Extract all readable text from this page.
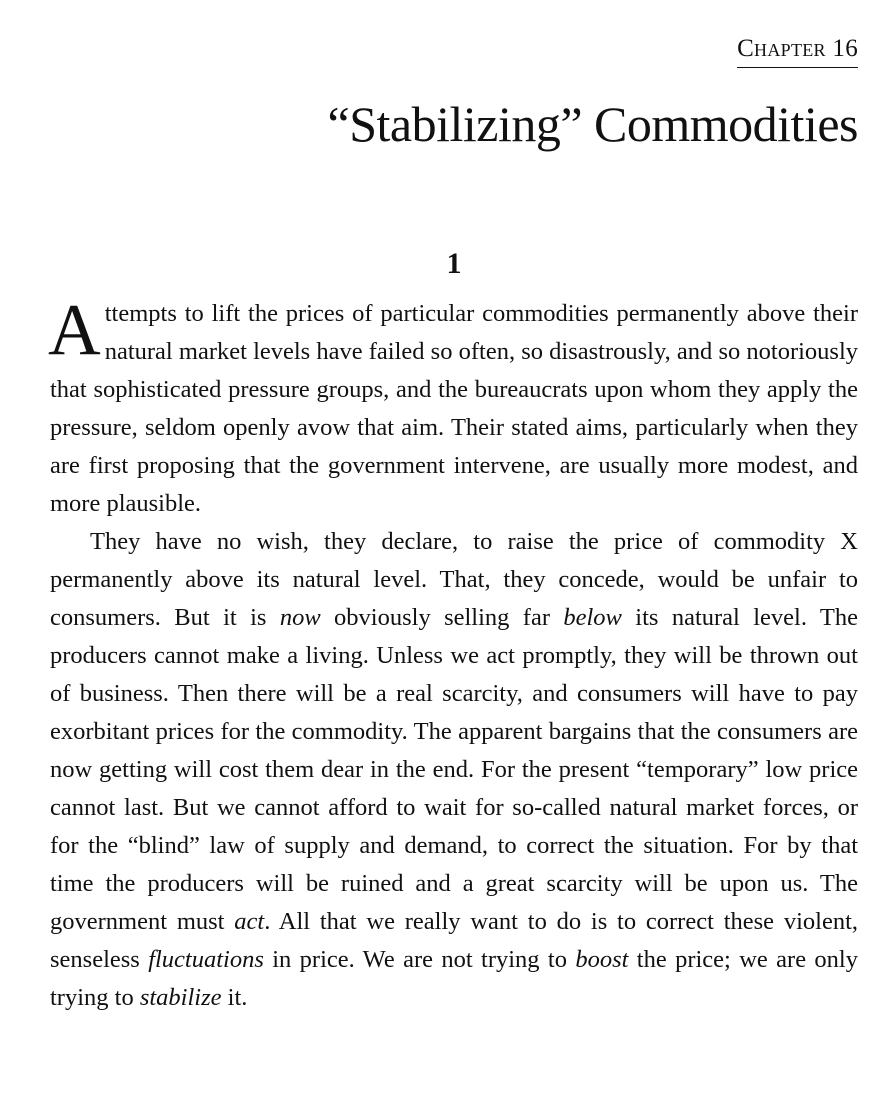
Chapter 16
“Stabilizing” Commodities
1

Attempts to lift the prices of particular commodities permanently above their natural market levels have failed so often, so disastrously, and so notoriously that sophisticated pressure groups, and the bureaucrats upon whom they apply the pressure, seldom openly avow that aim. Their stated aims, particularly when they are first proposing that the government intervene, are usually more modest, and more plausible.

They have no wish, they declare, to raise the price of commodity X permanently above its natural level. That, they concede, would be unfair to consumers. But it is now obviously selling far below its natural level. The producers cannot make a living. Unless we act promptly, they will be thrown out of business. Then there will be a real scarcity, and consumers will have to pay exorbitant prices for the commodity. The apparent bargains that the consumers are now getting will cost them dear in the end. For the present “temporary” low price cannot last. But we cannot afford to wait for so-called natural market forces, or for the “blind” law of supply and demand, to correct the situation. For by that time the producers will be ruined and a great scarcity will be upon us. The government must act. All that we really want to do is to correct these violent, senseless fluctuations in price. We are not trying to boost the price; we are only trying to stabilize it.
